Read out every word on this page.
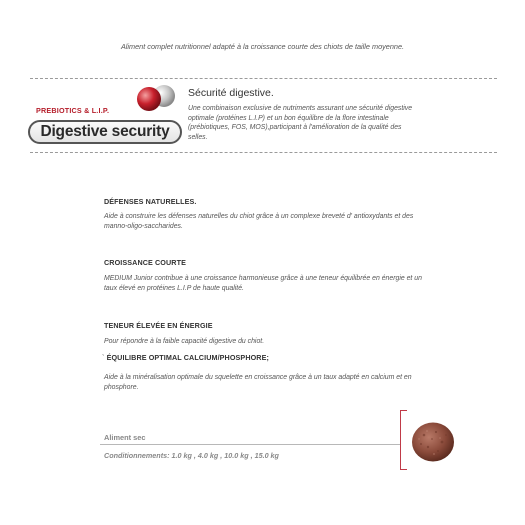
Aliment complet nutritionnel adapté à la croissance courte des chiots de taille moyenne.
PREBIOTICS & L.I.P.
Digestive security
Sécurité digestive.
Une combinaison exclusive de nutriments assurant une sécurité digestive
optimale (protéines L.I.P) et un bon équilibre de la flore intestinale
(prébiotiques, FOS, MOS),participant à l'amélioration de la qualité des
selles.
DÉFENSES NATURELLES.
Aide à construire les défenses naturelles du chiot grâce à un complexe breveté d' antioxydants et des
manno-oligo-saccharides.
CROISSANCE COURTE
MEDIUM Junior contribue à une croissance harmonieuse grâce à une teneur équilibrée en énergie et un
taux élevé en protéines L.I.P de haute qualité.
TENEUR ÉLEVÉE EN ÉNERGIE
Pour répondre à la faible capacité digestive du chiot.
ˋ ÉQUILIBRE OPTIMAL CALCIUM/PHOSPHORE;
Aide à la minéralisation optimale du squelette en croissance grâce à un taux adapté en calcium et en
phosphore.
Aliment sec
Conditionnements: 1.0 kg , 4.0 kg , 10.0 kg , 15.0 kg
